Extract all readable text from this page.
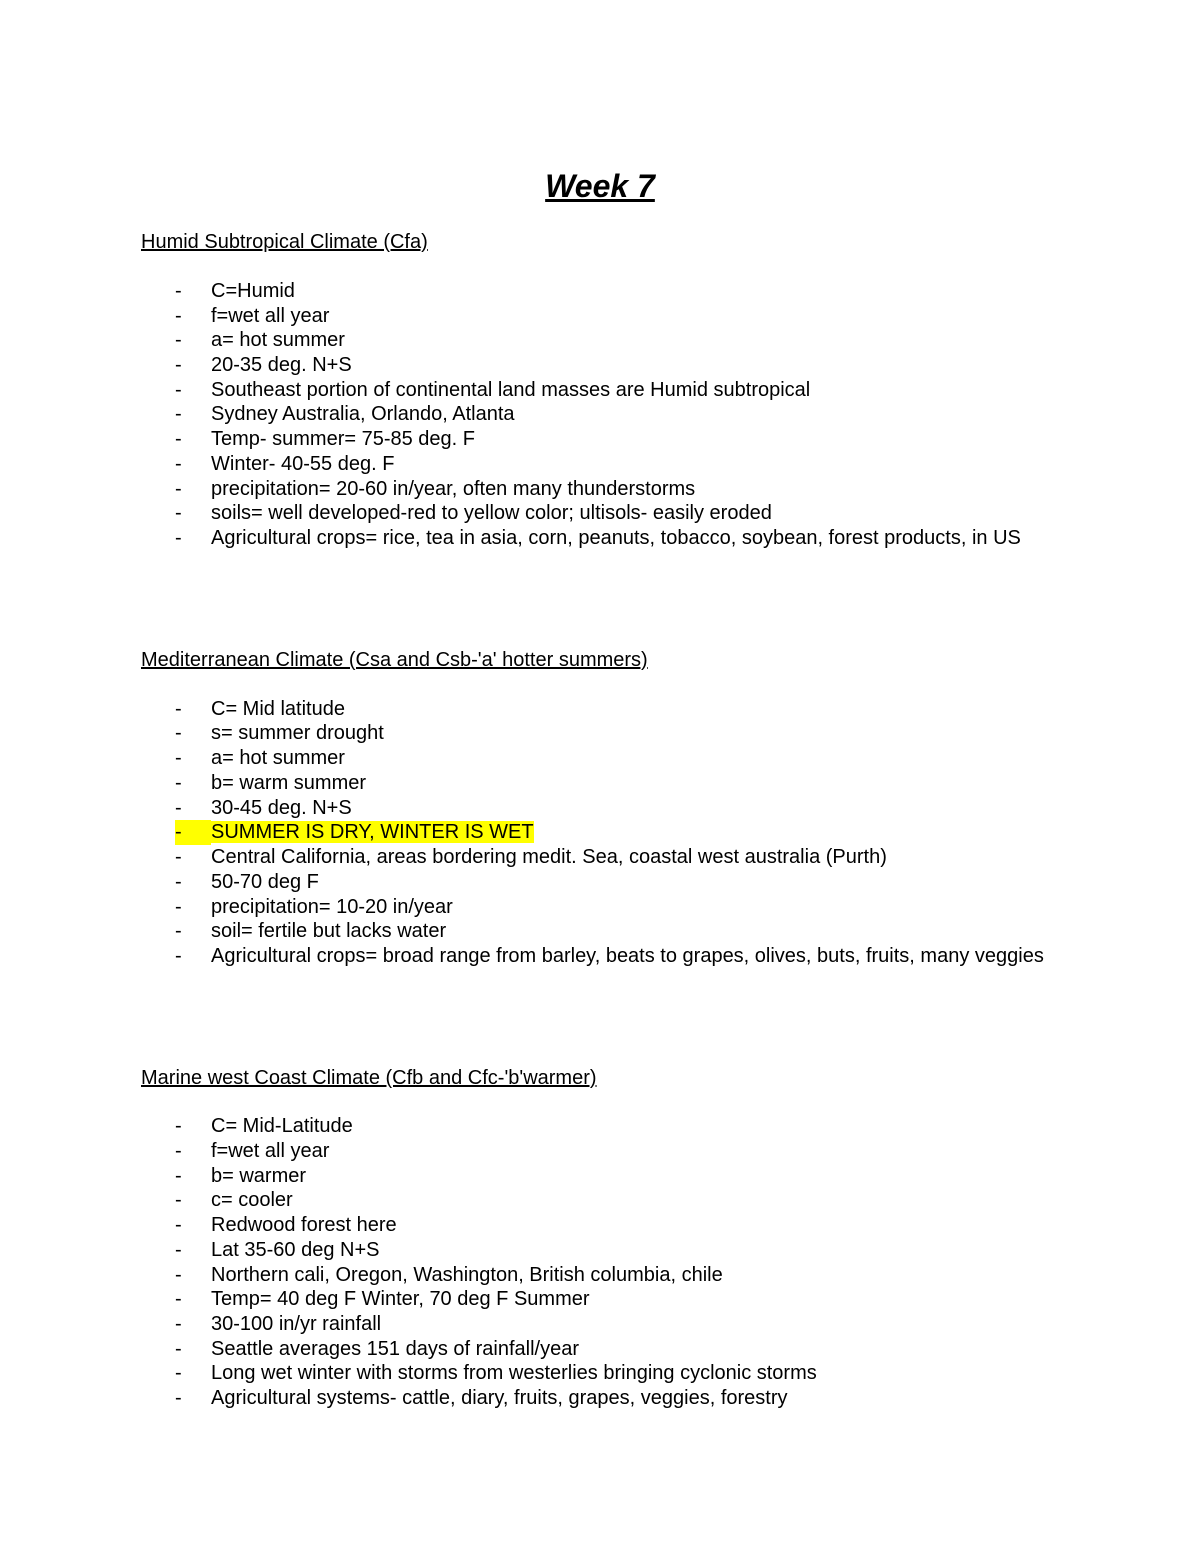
Week 7
Humid Subtropical Climate (Cfa)
- C=Humid
- f=wet all year
- a= hot summer
- 20-35 deg. N+S
- Southeast portion of continental land masses are Humid subtropical
- Sydney Australia, Orlando, Atlanta
- Temp- summer= 75-85 deg. F
- Winter- 40-55 deg. F
- precipitation= 20-60 in/year, often many thunderstorms
- soils= well developed-red to yellow color; ultisols- easily eroded
- Agricultural crops= rice, tea in asia, corn, peanuts, tobacco, soybean, forest products, in US
Mediterranean Climate (Csa and Csb-'a' hotter summers)
- C= Mid latitude
- s= summer drought
- a= hot summer
- b= warm summer
- 30-45 deg. N+S
-	SUMMER IS DRY, WINTER IS WET
- Central California, areas bordering medit. Sea, coastal west australia (Purth)
- 50-70 deg F
- precipitation= 10-20 in/year
- soil= fertile but lacks water
- Agricultural crops= broad range from barley, beats to grapes, olives, buts, fruits, many veggies
Marine west Coast Climate (Cfb and Cfc-'b'warmer)
- C= Mid-Latitude
- f=wet all year
- b= warmer
- c= cooler
- Redwood forest here
- Lat 35-60 deg N+S
- Northern cali, Oregon, Washington, British columbia, chile
- Temp= 40 deg F Winter, 70 deg F Summer
- 30-100 in/yr rainfall
- Seattle averages 151 days of rainfall/year
- Long wet winter with storms from westerlies bringing cyclonic storms
- Agricultural systems- cattle, diary, fruits, grapes, veggies, forestry
